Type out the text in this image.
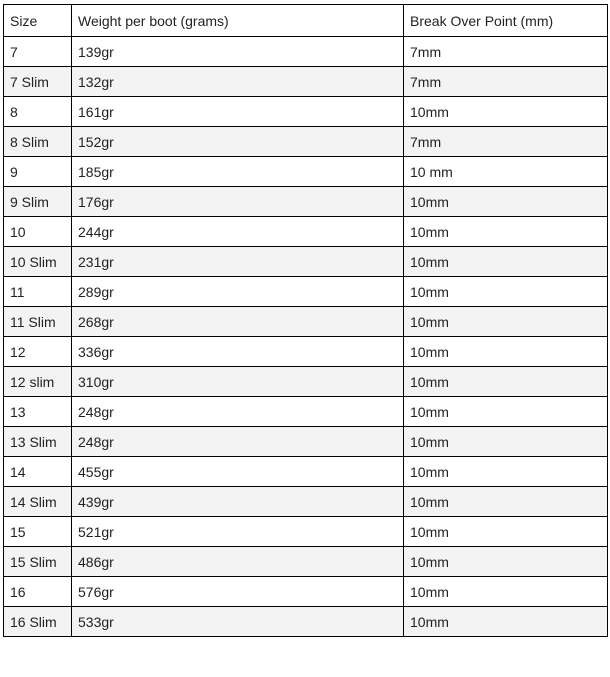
Size	Weight per boot (grams)	Break Over Point (mm)
7	139gr	7mm
7 Slim	132gr	7mm
8	161gr	10mm
8 Slim	152gr	7mm
9	185gr	10 mm
9 Slim	176gr	10mm
10	244gr	10mm
10 Slim	231gr	10mm
11	289gr	10mm
11 Slim	268gr	10mm
12	336gr	10mm
12 slim	310gr	10mm
13	248gr	10mm
13 Slim	248gr	10mm
14	455gr	10mm
14 Slim	439gr	10mm
15	521gr	10mm
15 Slim	486gr	10mm
16	576gr	10mm
16 Slim	533gr	10mm
